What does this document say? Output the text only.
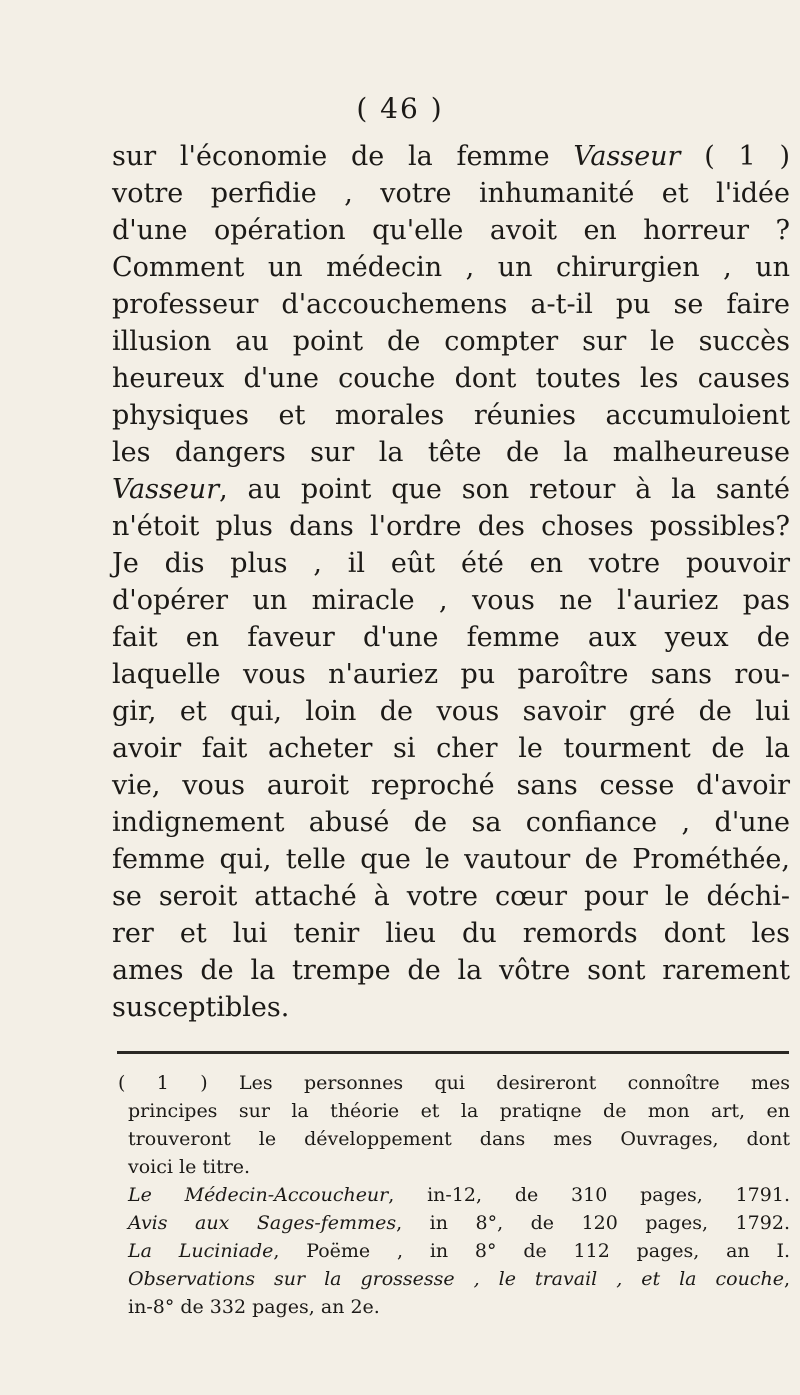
( 46 )
sur l'économie de la femme Vasseur ( 1 )
votre perfidie , votre inhumanité et l'idée
d'une opération qu'elle avoit en horreur ?
Comment un médecin , un chirurgien , un
professeur d'accouchemens a-t-il pu se faire
illusion au point de compter sur le succès
heureux d'une couche dont toutes les causes
physiques et morales réunies accumuloient
les dangers sur la tête de la malheureuse
Vasseur, au point que son retour à la santé
n'étoit plus dans l'ordre des choses possibles?
Je dis plus , il eût été en votre pouvoir
d'opérer un miracle , vous ne l'auriez pas
fait en faveur d'une femme aux yeux de
laquelle vous n'auriez pu paroître sans rou-
gir, et qui, loin de vous savoir gré de lui
avoir fait acheter si cher le tourment de la
vie, vous auroit reproché sans cesse d'avoir
indignement abusé de sa confiance , d'une
femme qui, telle que le vautour de Prométhée,
se seroit attaché à votre cœur pour le déchi-
rer et lui tenir lieu du remords dont les
ames de la trempe de la vôtre sont rarement
susceptibles.
( 1 ) Les personnes qui desireront connoître mes
principes sur la théorie et la pratiqne de mon art, en
trouveront le développement dans mes Ouvrages, dont
voici le titre.
Le Médecin-Accoucheur, in-12, de 310 pages, 1791.
Avis aux Sages-femmes, in 8°, de 120 pages, 1792.
La Luciniade, Poëme , in 8° de 112 pages, an I.
Observations sur la grossesse , le travail , et la couche,
in-8° de 332 pages, an 2e.
